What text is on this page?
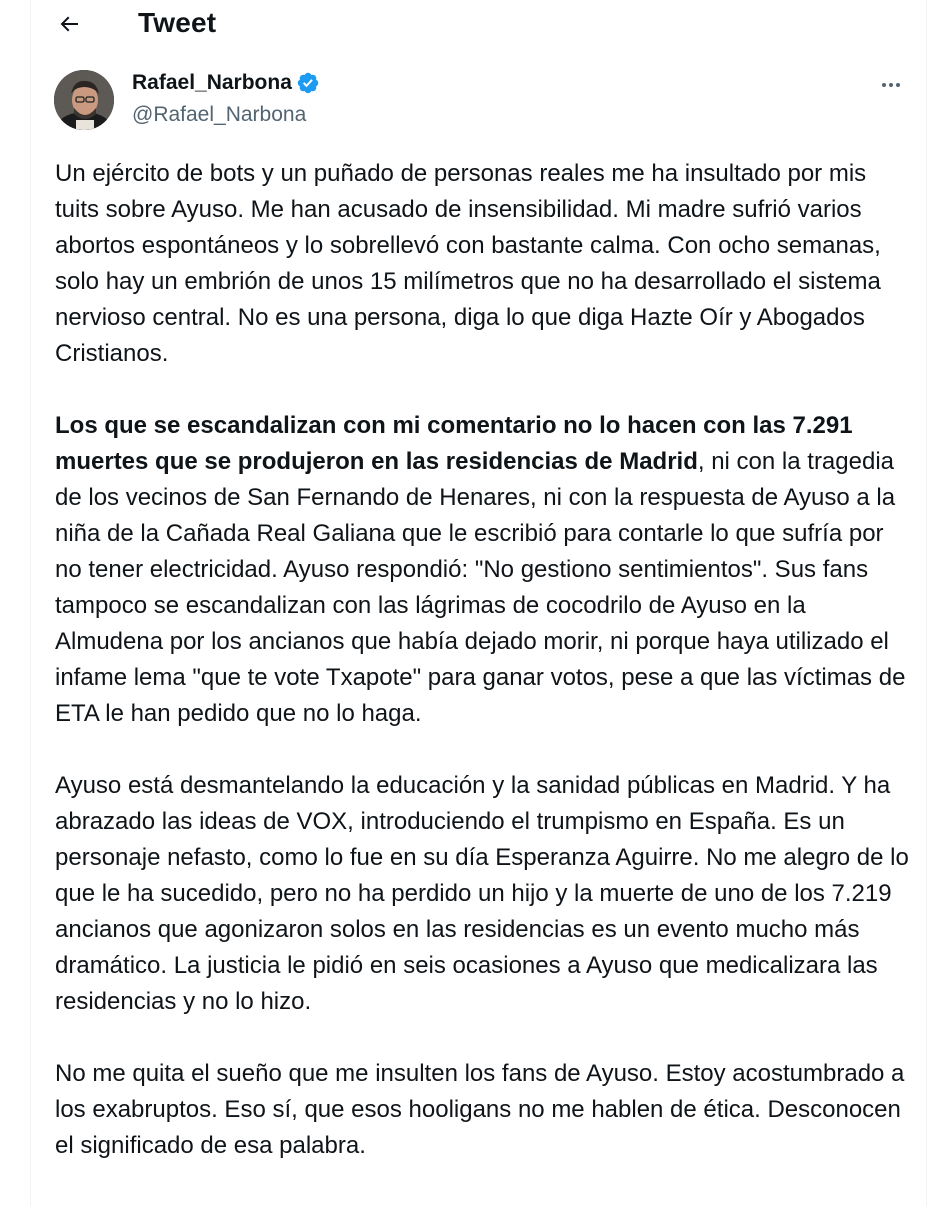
Tweet
Rafael_Narbona
@Rafael_Narbona

Un ejército de bots y un puñado de personas reales me ha insultado por mis tuits sobre Ayuso. Me han acusado de insensibilidad. Mi madre sufrió varios abortos espontáneos y lo sobrellevó con bastante calma. Con ocho semanas, solo hay un embrión de unos 15 milímetros que no ha desarrollado el sistema nervioso central. No es una persona, diga lo que diga Hazte Oír y Abogados Cristianos.

Los que se escandalizan con mi comentario no lo hacen con las 7.291 muertes que se produjeron en las residencias de Madrid, ni con la tragedia de los vecinos de San Fernando de Henares, ni con la respuesta de Ayuso a la niña de la Cañada Real Galiana que le escribió para contarle lo que sufría por no tener electricidad. Ayuso respondió: "No gestiono sentimientos". Sus fans tampoco se escandalizan con las lágrimas de cocodrilo de Ayuso en la Almudena por los ancianos que había dejado morir, ni porque haya utilizado el infame lema "que te vote Txapote" para ganar votos, pese a que las víctimas de ETA le han pedido que no lo haga.

Ayuso está desmantelando la educación y la sanidad públicas en Madrid. Y ha abrazado las ideas de VOX, introduciendo el trumpismo en España. Es un personaje nefasto, como lo fue en su día Esperanza Aguirre. No me alegro de lo que le ha sucedido, pero no ha perdido un hijo y la muerte de uno de los 7.219 ancianos que agonizaron solos en las residencias es un evento mucho más dramático. La justicia le pidió en seis ocasiones a Ayuso que medicalizara las residencias y no lo hizo.

No me quita el sueño que me insulten los fans de Ayuso. Estoy acostumbrado a los exabruptos. Eso sí, que esos hooligans no me hablen de ética. Desconocen el significado de esa palabra.
